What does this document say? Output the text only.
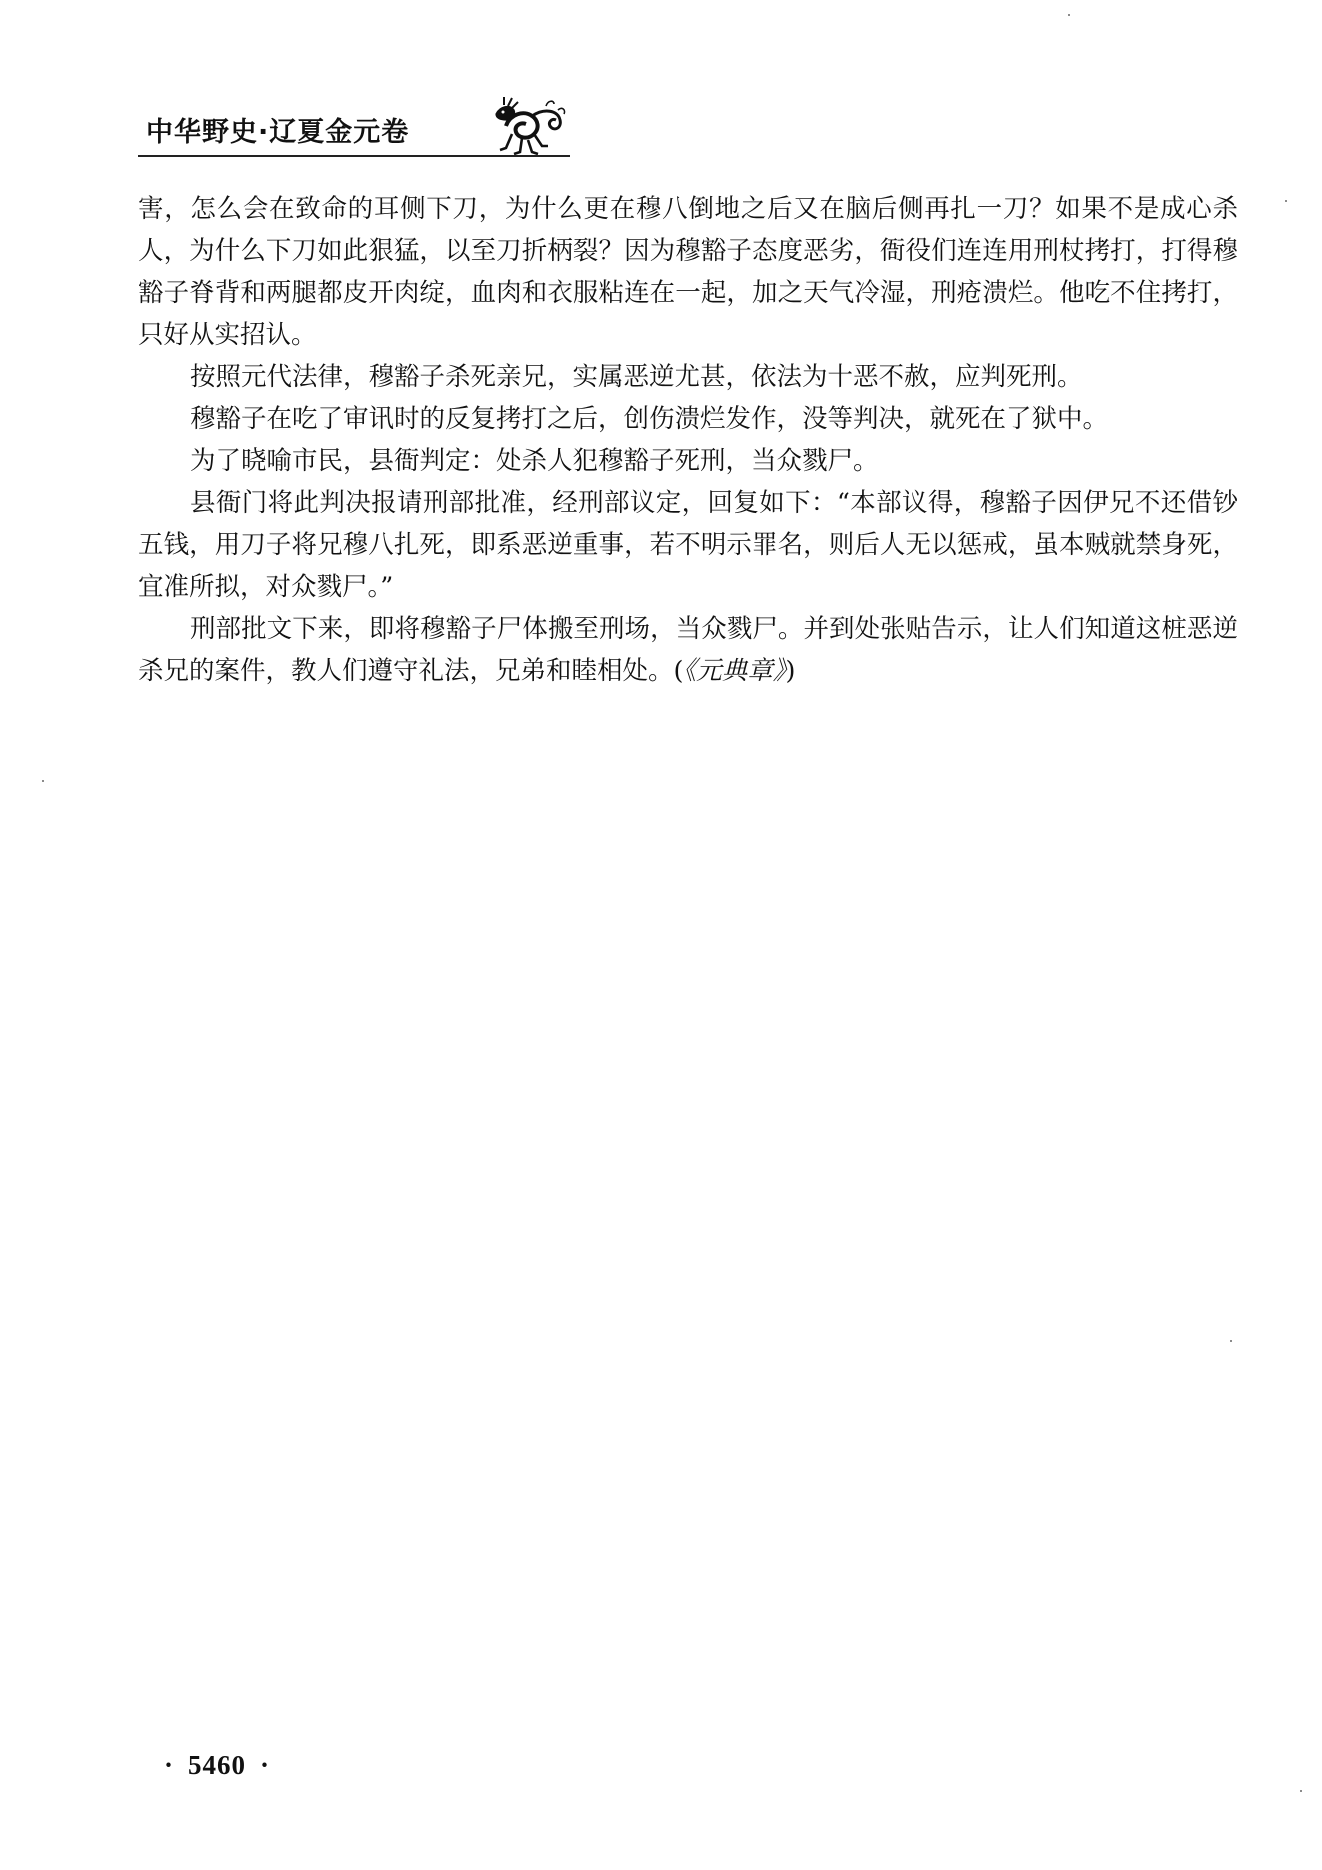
中华野史·辽夏金元卷

害，怎么会在致命的耳侧下刀，为什么更在穆八倒地之后又在脑后侧再扎一刀？如果不是成心杀人，为什么下刀如此狠猛，以至刀折柄裂？因为穆豁子态度恶劣，衙役们连连用刑杖拷打，打得穆豁子脊背和两腿都皮开肉绽，血肉和衣服粘连在一起，加之天气冷湿，刑疮溃烂。他吃不住拷打，只好从实招认。

按照元代法律，穆豁子杀死亲兄，实属恶逆尤甚，依法为十恶不赦，应判死刑。

穆豁子在吃了审讯时的反复拷打之后，创伤溃烂发作，没等判决，就死在了狱中。

为了晓喻市民，县衙判定：处杀人犯穆豁子死刑，当众戮尸。

县衙门将此判决报请刑部批准，经刑部议定，回复如下：“本部议得，穆豁子因伊兄不还借钞五钱，用刀子将兄穆八扎死，即系恶逆重事，若不明示罪名，则后人无以惩戒，虽本贼就禁身死，宜准所拟，对众戮尸。”

刑部批文下来，即将穆豁子尸体搬至刑场，当众戮尸。并到处张贴告示，让人们知道这桩恶逆杀兄的案件，教人们遵守礼法，兄弟和睦相处。(《元典章》)

· 5460 ·
